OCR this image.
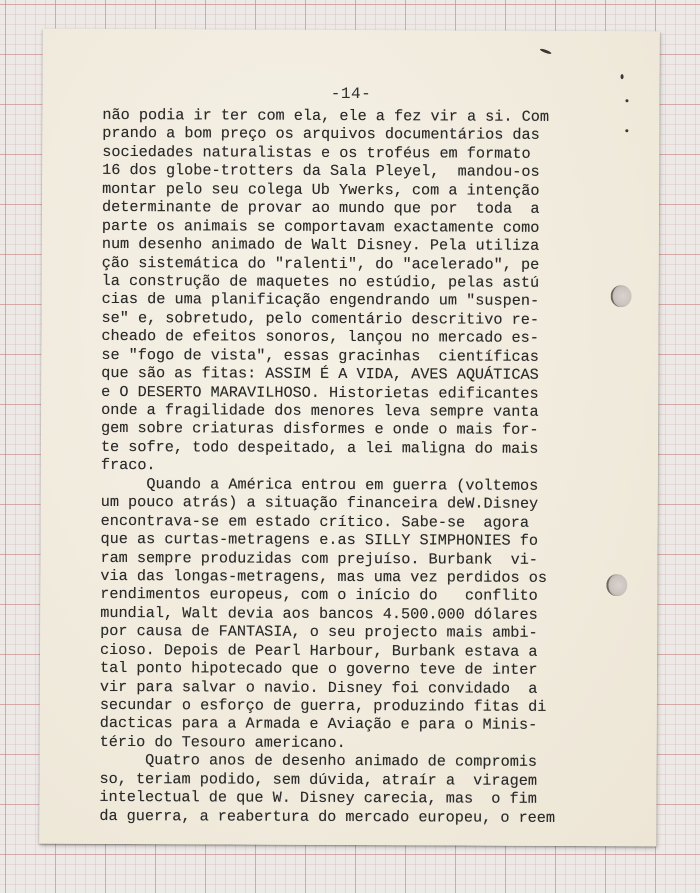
-14-
não podia ir ter com ela, ele a fez vir a si. Com
prando a bom preço os arquivos documentários das
sociedades naturalistas e os troféus em formato
16 dos globe-trotters da Sala Pleyel,  mandou-os
montar pelo seu colega Ub Ywerks, com a intenção
determinante de provar ao mundo que por  toda  a
parte os animais se comportavam exactamente como
num desenho animado de Walt Disney. Pela utiliza
ção sistemática do "ralenti", do "acelerado", pe
la construção de maquetes no estúdio, pelas astú
cias de uma planificação engendrando um "suspen-
se" e, sobretudo, pelo comentário descritivo re-
cheado de efeitos sonoros, lançou no mercado es-
se "fogo de vista", essas gracinhas  científicas
que são as fitas: ASSIM É A VIDA, AVES AQUÁTICAS
e O DESERTO MARAVILHOSO. Historietas edificantes
onde a fragilidade dos menores leva sempre vanta
gem sobre criaturas disformes e onde o mais for-
te sofre, todo despeitado, a lei maligna do mais
fraco.
Quando a América entrou em guerra (voltemos
um pouco atrás) a situação financeira deW.Disney
encontrava-se em estado crítico. Sabe-se  agora
que as curtas-metragens e.as SILLY SIMPHONIES fo
ram sempre produzidas com prejuíso. Burbank  vi-
via das longas-metragens, mas uma vez perdidos os
rendimentos europeus, com o início do   conflito
mundial, Walt devia aos bancos 4.500.000 dólares
por causa de FANTASIA, o seu projecto mais ambi-
cioso. Depois de Pearl Harbour, Burbank estava a
tal ponto hipotecado que o governo teve de inter
vir para salvar o navio. Disney foi convidado  a
secundar o esforço de guerra, produzindo fitas di
dacticas para a Armada e Aviação e para o Minis-
tério do Tesouro americano.
Quatro anos de desenho animado de compromis
so, teriam podido, sem dúvida, atraír a  viragem
intelectual de que W. Disney carecia, mas  o fim
da guerra, a reabertura do mercado europeu, o reem
